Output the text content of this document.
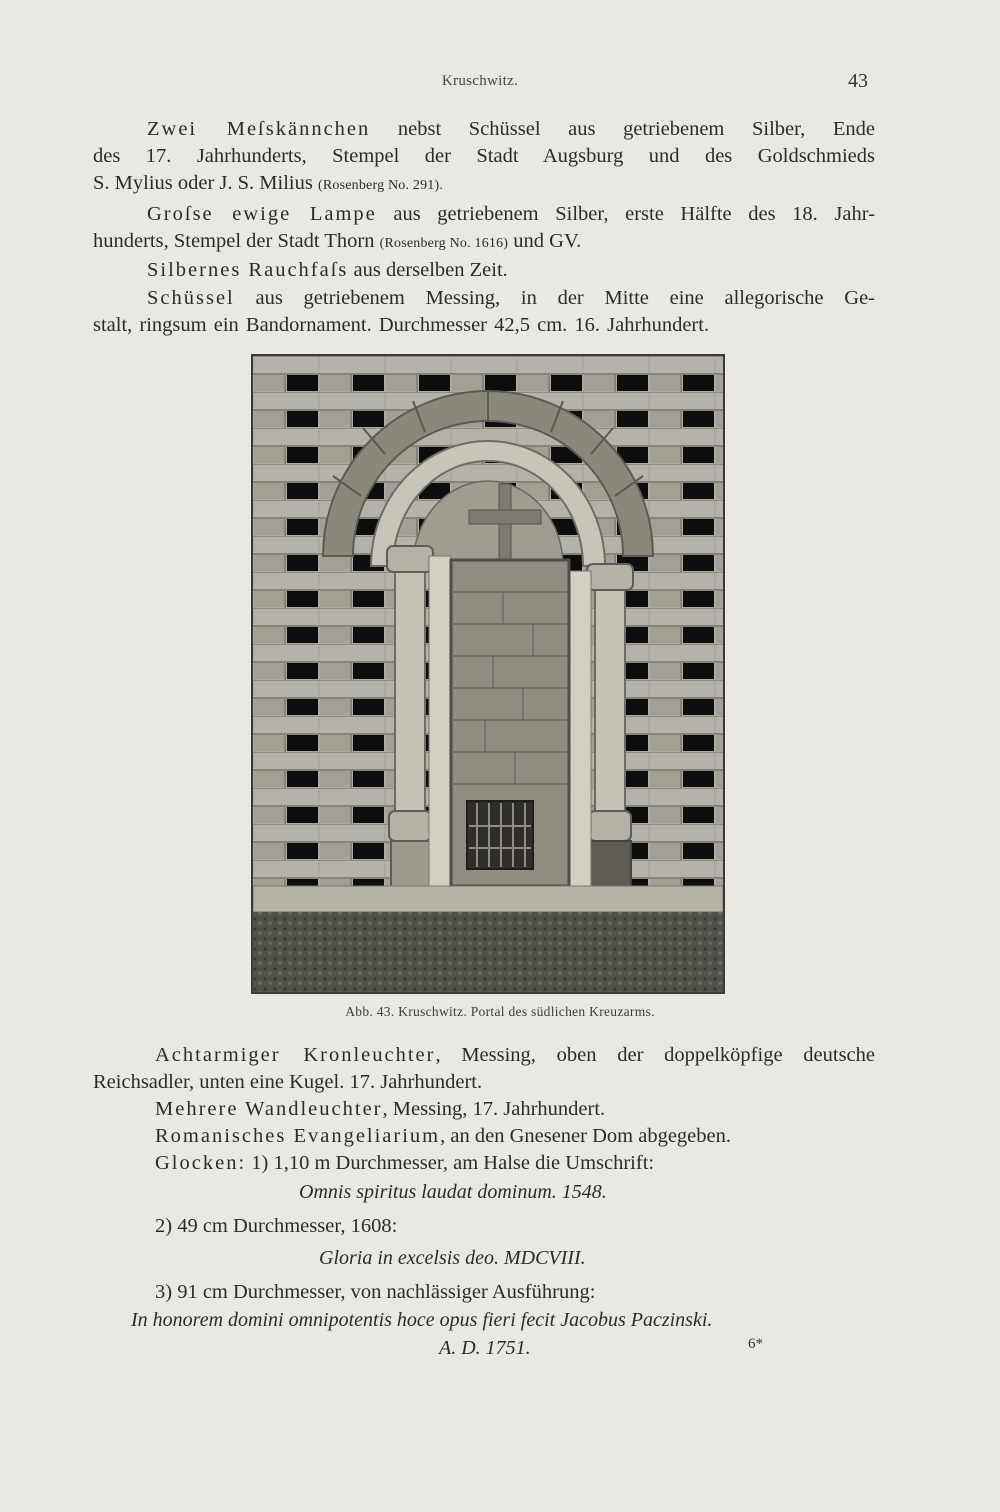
Kruschwitz.	43

Zwei Meſskännchen nebst Schüssel aus getriebenem Silber, Ende
des 17. Jahrhunderts, Stempel der Stadt Augsburg und des Goldschmieds
S. Mylius oder J. S. Milius (Rosenberg No. 291).

Groſse ewige Lampe aus getriebenem Silber, erste Hälfte des 18. Jahr-
hunderts, Stempel der Stadt Thorn (Rosenberg No. 1616) und GV.

Silbernes Rauchfaſs aus derselben Zeit.

Schüssel aus getriebenem Messing, in der Mitte eine allegorische Ge-
stalt, ringsum ein Bandornament. Durchmesser 42,5 cm. 16. Jahrhundert.

Abb. 43. Kruschwitz. Portal des südlichen Kreuzarms.

Achtarmiger Kronleuchter, Messing, oben der doppelköpfige deutsche
Reichsadler, unten eine Kugel. 17. Jahrhundert.

Mehrere Wandleuchter, Messing, 17. Jahrhundert.

Romanisches Evangeliarium, an den Gnesener Dom abgegeben.

Glocken: 1) 1,10 m Durchmesser, am Halse die Umschrift:

Omnis spiritus laudat dominum. 1548.
2) 49 cm Durchmesser, 1608:
Gloria in excelsis deo. MDCVIII.
3) 91 cm Durchmesser, von nachlässiger Ausführung:
In honorem domini omnipotentis hoce opus fieri fecit Jacobus Paczinski.
A. D. 1751.	6*
